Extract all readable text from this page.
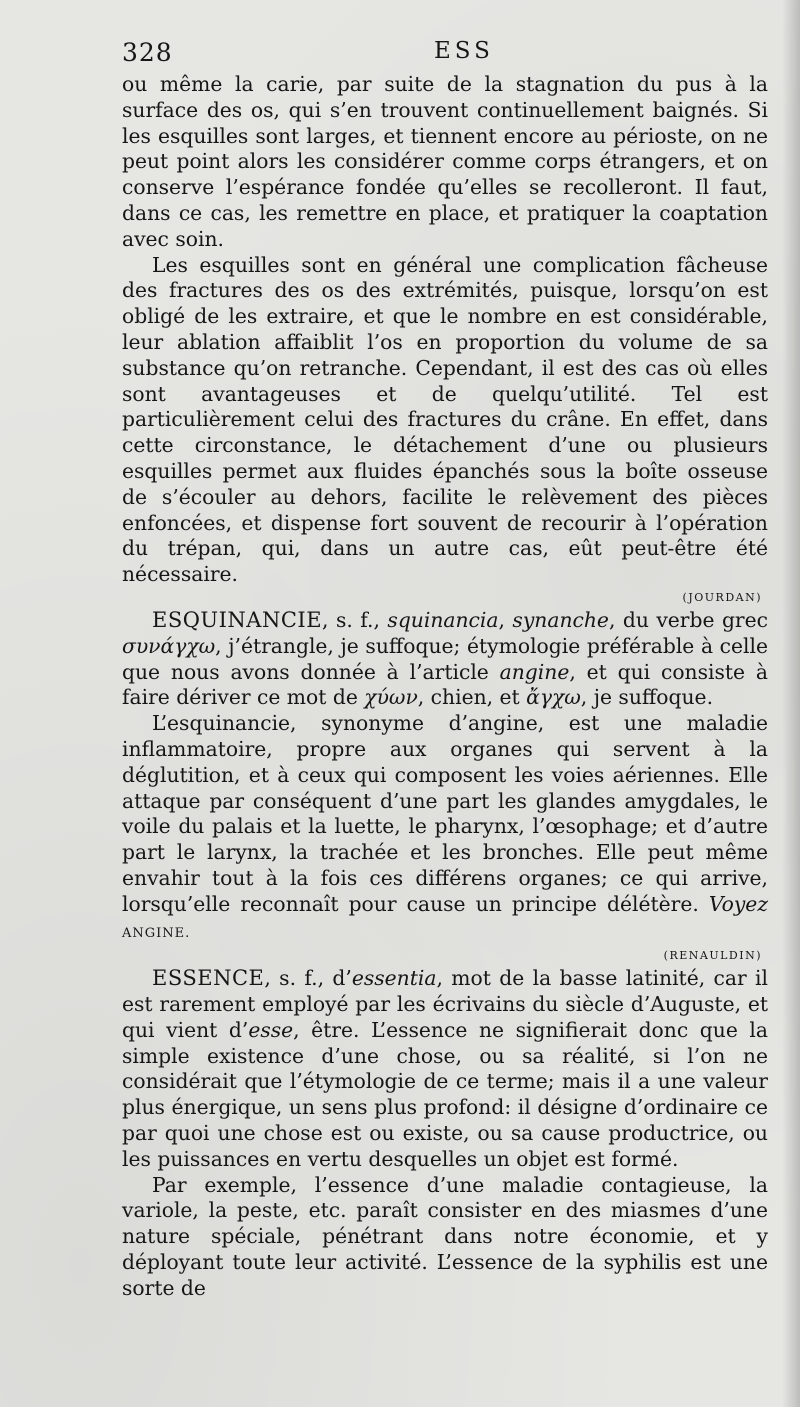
328	ESS

ou même la carie, par suite de la stagnation du pus à la surface des os, qui s’en trouvent continuellement baignés. Si les esquilles sont larges, et tiennent encore au périoste, on ne peut point alors les considérer comme corps étrangers, et on conserve l’espérance fondée qu’elles se recolleront. Il faut, dans ce cas, les remettre en place, et pratiquer la coaptation avec soin.

Les esquilles sont en général une complication fâcheuse des fractures des os des extrémités, puisque, lorsqu’on est obligé de les extraire, et que le nombre en est considérable, leur ablation affaiblit l’os en proportion du volume de sa substance qu’on retranche. Cependant, il est des cas où elles sont avantageuses et de quelqu’utilité. Tel est particulièrement celui des fractures du crâne. En effet, dans cette circonstance, le détachement d’une ou plusieurs esquilles permet aux fluides épanchés sous la boîte osseuse de s’écouler au dehors, facilite le relèvement des pièces enfoncées, et dispense fort souvent de recourir à l’opération du trépan, qui, dans un autre cas, eût peut-être été nécessaire.

(JOURDAN)

ESQUINANCIE, s. f., squinancia, synanche, du verbe grec συνάγχω, j’étrangle, je suffoque; étymologie préférable à celle que nous avons donnée à l’article angine, et qui consiste à faire dériver ce mot de χύων, chien, et ἄγχω, je suffoque.

L’esquinancie, synonyme d’angine, est une maladie inflammatoire, propre aux organes qui servent à la déglutition, et à ceux qui composent les voies aériennes. Elle attaque par conséquent d’une part les glandes amygdales, le voile du palais et la luette, le pharynx, l’œsophage; et d’autre part le larynx, la trachée et les bronches. Elle peut même envahir tout à la fois ces différens organes; ce qui arrive, lorsqu’elle reconnaît pour cause un principe délétère. Voyez ANGINE.

(RENAULDIN)

ESSENCE, s. f., d’essentia, mot de la basse latinité, car il est rarement employé par les écrivains du siècle d’Auguste, et qui vient d’esse, être. L’essence ne signifierait donc que la simple existence d’une chose, ou sa réalité, si l’on ne considérait que l’étymologie de ce terme; mais il a une valeur plus énergique, un sens plus profond: il désigne d’ordinaire ce par quoi une chose est ou existe, ou sa cause productrice, ou les puissances en vertu desquelles un objet est formé.

Par exemple, l’essence d’une maladie contagieuse, la variole, la peste, etc. paraît consister en des miasmes d’une nature spéciale, pénétrant dans notre économie, et y déployant toute leur activité. L’essence de la syphilis est une sorte de
